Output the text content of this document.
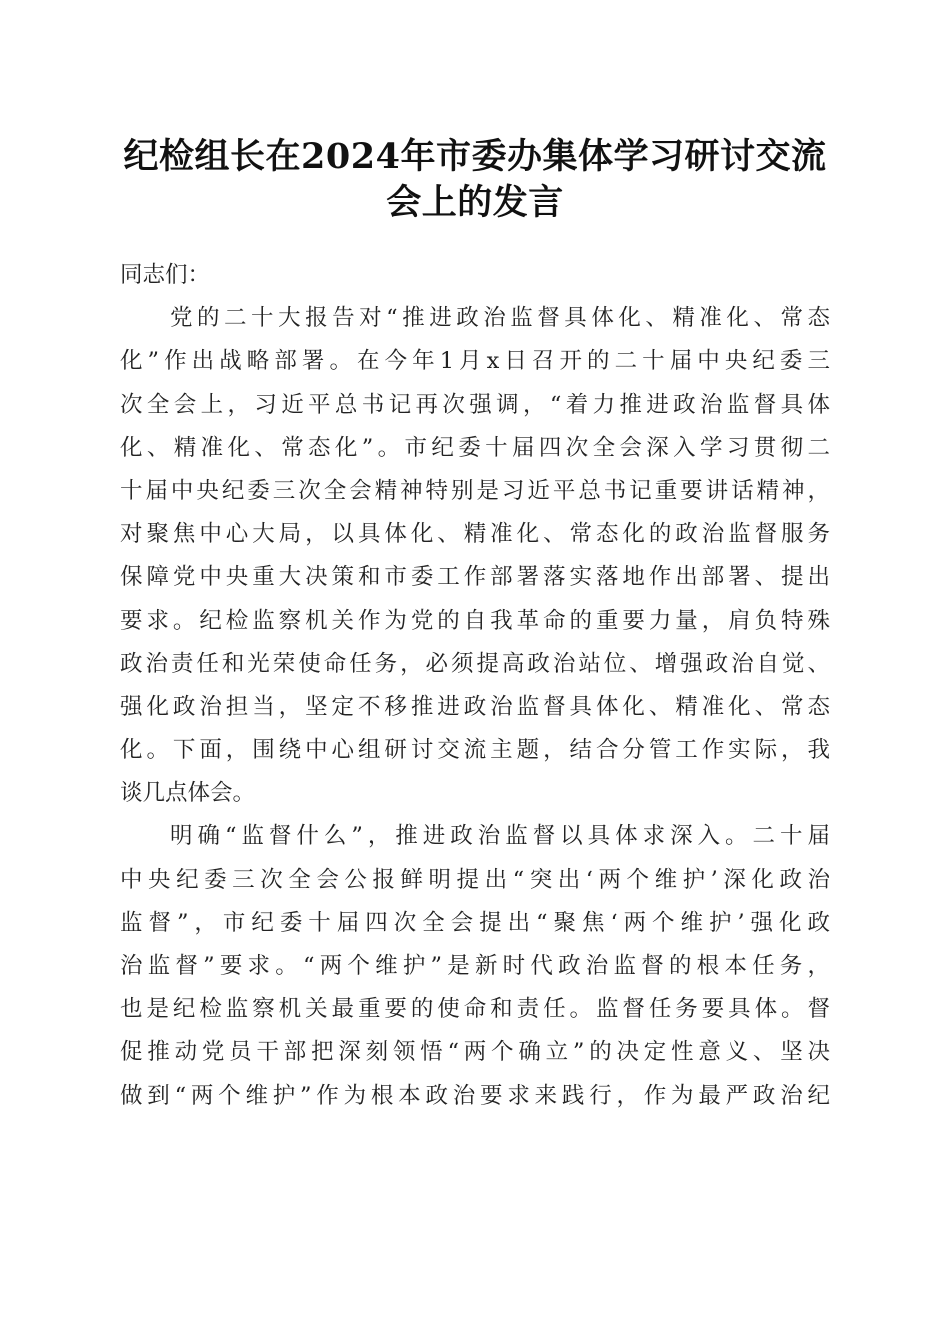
纪检组长在2024年市委办集体学习研讨交流
会上的发言
同志们：
党的二十大报告对“推进政治监督具体化、精准化、常态
化”作出战略部署。在今年1月x日召开的二十届中央纪委三
次全会上，习近平总书记再次强调，“着力推进政治监督具体
化、精准化、常态化”。市纪委十届四次全会深入学习贯彻二
十届中央纪委三次全会精神特别是习近平总书记重要讲话精神，
对聚焦中心大局，以具体化、精准化、常态化的政治监督服务
保障党中央重大决策和市委工作部署落实落地作出部署、提出
要求。纪检监察机关作为党的自我革命的重要力量，肩负特殊
政治责任和光荣使命任务，必须提高政治站位、增强政治自觉、
强化政治担当，坚定不移推进政治监督具体化、精准化、常态
化。下面，围绕中心组研讨交流主题，结合分管工作实际，我
谈几点体会。
明确“监督什么”，推进政治监督以具体求深入。二十届
中央纪委三次全会公报鲜明提出“突出‘两个维护’深化政治
监督”，市纪委十届四次全会提出“聚焦‘两个维护’强化政
治监督”要求。“两个维护”是新时代政治监督的根本任务，
也是纪检监察机关最重要的使命和责任。监督任务要具体。督
促推动党员干部把深刻领悟“两个确立”的决定性意义、坚决
做到“两个维护”作为根本政治要求来践行，作为最严政治纪
